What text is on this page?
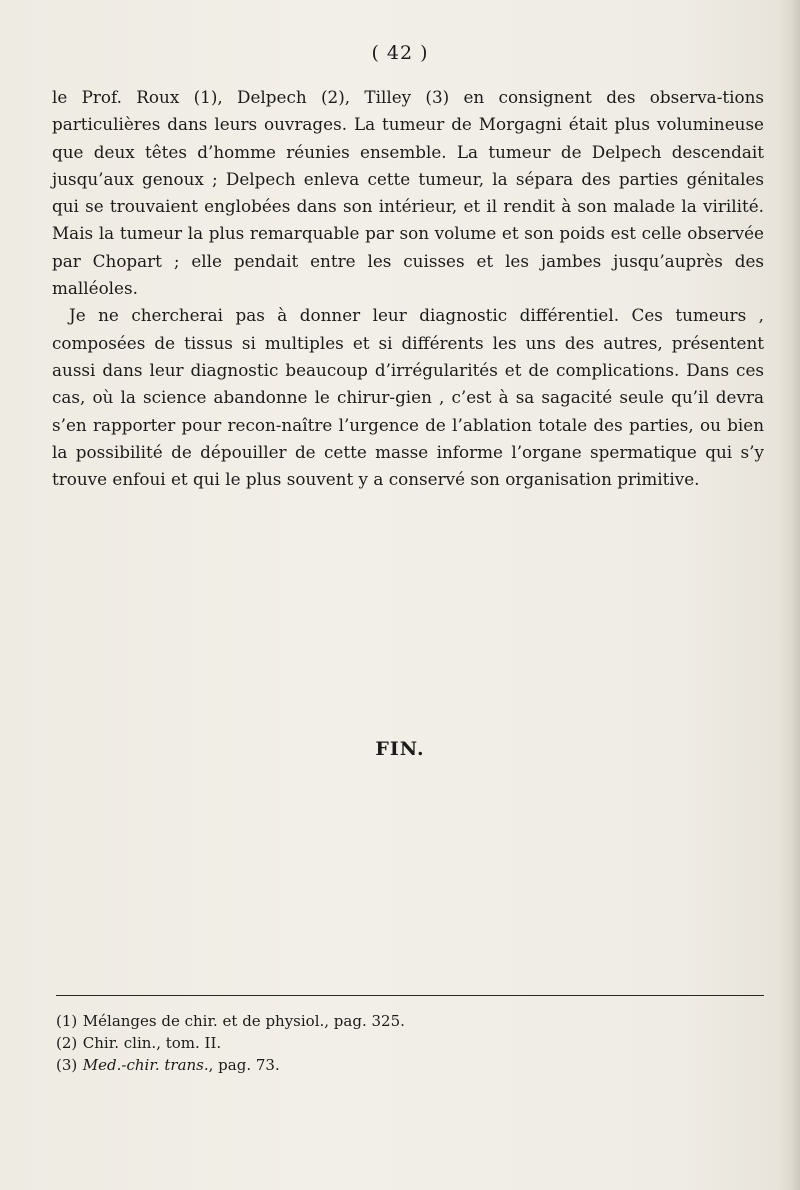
( 42 )

le Prof. Roux (1), Delpech (2), Tilley (3) en consignent des observa-tions particulières dans leurs ouvrages. La tumeur de Morgagni était plus volumineuse que deux têtes d’homme réunies ensemble. La tumeur de Delpech descendait jusqu’aux genoux ; Delpech enleva cette tumeur, la sépara des parties génitales qui se trouvaient englobées dans son intérieur, et il rendit à son malade la virilité. Mais la tumeur la plus remarquable par son volume et son poids est celle observée par Chopart ; elle pendait entre les cuisses et les jambes jusqu’auprès des malléoles.

Je ne chercherai pas à donner leur diagnostic différentiel. Ces tumeurs , composées de tissus si multiples et si différents les uns des autres, présentent aussi dans leur diagnostic beaucoup d’irrégularités et de complications. Dans ces cas, où la science abandonne le chirur-gien , c’est à sa sagacité seule qu’il devra s’en rapporter pour recon-naître l’urgence de l’ablation totale des parties, ou bien la possibilité de dépouiller de cette masse informe l’organe spermatique qui s’y trouve enfoui et qui le plus souvent y a conservé son organisation primitive.

FIN.
(1) Mélanges de chir. et de physiol., pag. 325.
(2) Chir. clin., tom. II.
(3) Med.-chir. trans., pag. 73.
